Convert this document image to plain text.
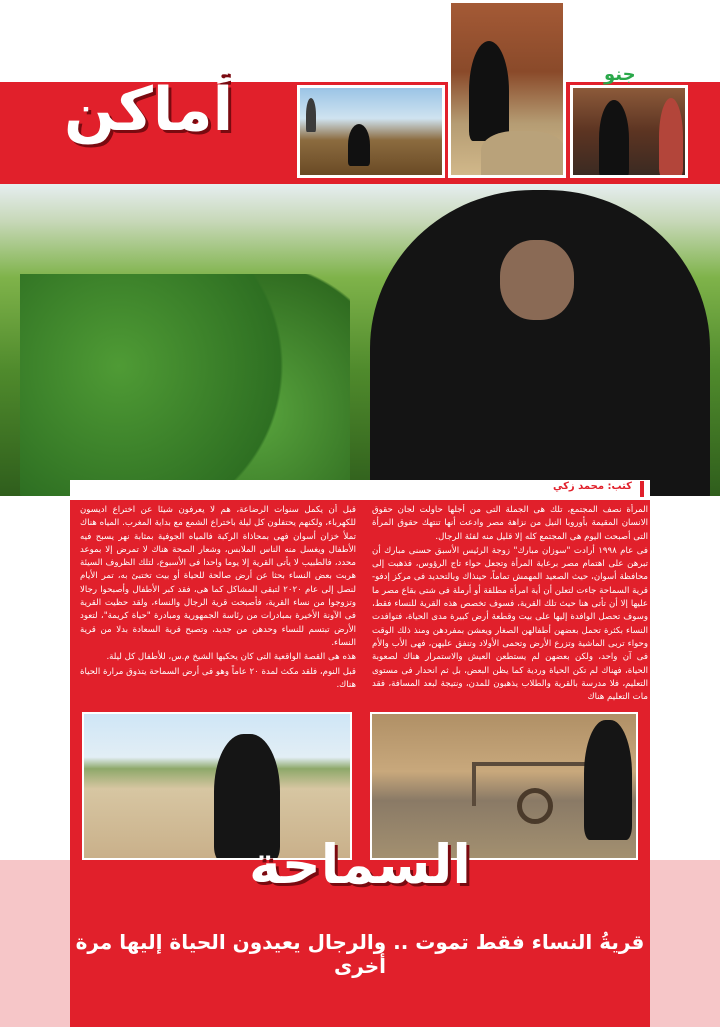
أماكن
جنو
كتب: محمد زكي

المرأة نصف المجتمع، تلك هى الجملة التى من أجلها حاولت لجان حقوق الانسان المقيمة بأوروبا النيل من نزاهة مصر وادعت أنها تنتهك حقوق المرأة التى أصبحت اليوم هى المجتمع كله إلا قليل منه لفئة الرجال.

فى عام ١٩٩٨ أرادت "سوزان مبارك" زوجة الرئيس الأسبق حسنى مبارك أن تبرهن على اهتمام مصر برعاية المرأة وتجعل حواء تاج الرؤوس، فذهبت إلى محافظة أسوان، حيث الصعيد المهمش تماماً، حينذاك وبالتحديد فى مركز إدفو- قرية السماحة جاءت لتعلن أن أية امرأة مطلقة أو أرملة فى شتى بقاع مصر ما عليها إلا أن تأتى هنا حيث تلك القرية، فسوف تخصص هذه القرية للنساء فقط، وسوف تحصل الوافدة إليها على بيت وقطعة أرض كبيرة مدى الحياة، فتوافدت النساء بكثرة تحمل بعضهن أطفالهن الصغار ويعشن بمفردهن ومنذ ذلك الوقت وحواء تربى الماشية وتزرع الأرض وتحمى الأولاد وتنفق عليهن، فهى الأب والأم فى آن واحد، ولكن بعضهن لم يستطعن العيش والاستمرار هناك لصعوبة الحياة، فهناك لم تكن الحياة وردية كما يظن البعض، بل ثم انحدار فى مستوى التعليم، فلا مدرسة بالقرية والطلاب يذهبون للمدن، ونتيجة لبعد المسافة، فقد مات التعليم هناك

قبل أن يكمل سنوات الرضاعة، هم لا يعرفون شيئا عن اختراع اديسون للكهرباء، ولكنهم يحتفلون كل ليلة باختراع الشمع مع بداية المغرب. المياه هناك تملأ خزان أسوان فهى بمحاذاة الركبة فالمياه الجوفية بمثابة نهر يسبح فيه الأطفال ويغسل منه الناس الملابس، وشعار الصحة هناك لا تمرض إلا بموعد محدد، فالطبيب لا يأتى القرية إلا يوما واحدا فى الأسبوع، لتلك الظروف السيئة هربت بعض النساء بحثا عن أرض صالحة للحياة أو بيت تختبئ به، تمر الأيام لنصل إلى عام ٢٠٢٠ لتبقى المشاكل كما هى، فقد كبر الأطفال وأصبحوا رجالا وتزوجوا من نساء القرية، فأصبحت قرية الرجال والنساء، ولقد حظيت القرية فى الآونة الأخيرة بمبادرات من رئاسة الجمهورية ومبادرة "حياة كريمة"، لتعود الأرض تبتسم للنساء وحدهن من جديد، وتصبح قرية السعادة بدلا من قرية النساء.

هذه هى القصة الواقعية التى كان يحكيها الشيخ م.س، للأطفال كل ليلة.

قبل النوم، فلقد مكث لمدة ٢٠ عاماً وهو فى أرض السماحة يتذوق مرارة الحياة هناك.

السماحة
قريةُ النساء فقط تموت .. والرجال يعيدون الحياة إليها مرة أخرى
